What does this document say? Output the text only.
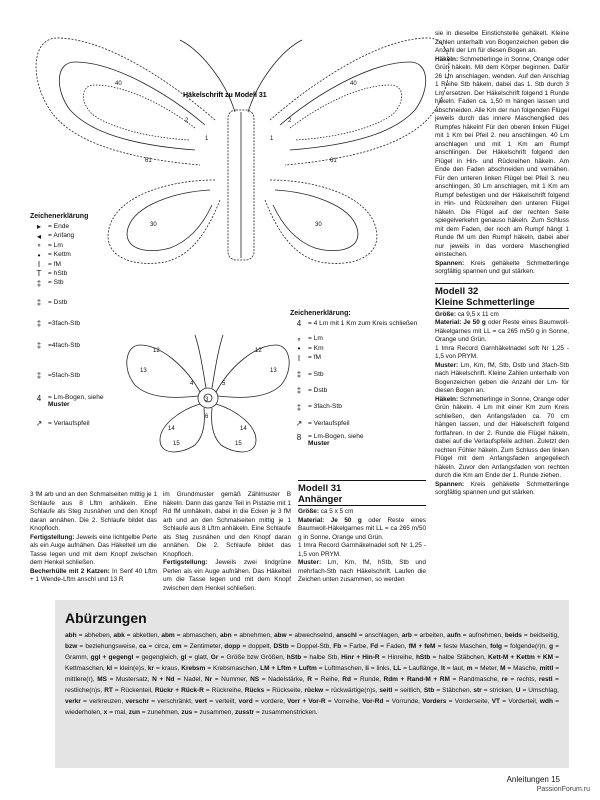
Häkelschrift zu Modell 31
40	40
61	61
30	30
1	1
2	2
12	12
13	13
14	14
15	15
3
4	5
6
Zeichenerklärung
▸	= Ende
◂	= Anfang
∘ = Lm
•	= Kettm
I	= fM
T = hStb
‡	= Stb
‡	= Dstb
‡	=3fach-Stb
‡	=4fach-Stb
‡	=5fach-Stb
4	= Lm-Bogen, siehe Muster
↗ = Verlaufspfeil
Zeichenerklärung:
4	= 4 Lm mit 1 Km zum Kreis schließen
∘ = Lm
•	= Km
I	= fM
‡	= Stb
‡	= Dstb
‡	= 3fach-Stb
↗ = Verlaufspfeil
8	= Lm-Bogen, siehe
Muster

3 fM arb und an den Schmalseiten mittig je 1 Schlaufe aus 8 Lftm anhäkeln. Eine Schlaufe als Steg zusnähen und den Knopf daran annähen. Die 2. Schlaufe bildet das Knopfloch.

Fertigstellung: Jeweils eine lichtgelbe Perle als ein Auge aufnähen. Das Häkelteil um die Tasse legen und mit dem Knopf zwischen dem Henkel schließen.

Becherhülle mit 2 Katzen: In Senf 40 Lftm + 1 Wende-Lftm anschl und 13 R

im Grundmuster gemäß Zählmuster B häkeln. Dann das ganze Teil in Pistazie mit 1 Rd fM umhäkeln, dabei in die Ecken je 3 fM arb und an den Schmalseiten mittig je 1 Schlaufe aus 8 Lftm anhäkeln. Eine Schlaufe als Steg zusnähen und den Knopf daran annähen. Die 2. Schlaufe bildet das Knopfloch.

Fertigstellung: Jeweils zwei lindgrüne Perlen als ein Auge aufnähen. Das Häkelteil um die Tasse legen und mit dem Knopf zwischen dem Henkel schließen.

Modell 31
Anhänger

Größe: ca 5 x 5 cm

Material: Je 50 g oder Reste eines Baumwoll-Häkelgarnes mit LL = ca 265 m/50 g in Sonne, Orange und Grün.

1 Imra Record Garnhäkelnadel soft Nr 1,25 - 1,5 von PRYM.

Muster: Lm, Km, fM, hStb, Stb und mehrfach-Stb nach Häkelschrift. Laufen die Zeichen unten zusammen, so werden

sie in dieselbe Einstichstelle gehäkelt. Kleine Zahlen unterhalb von Bogenzeichen geben die Anzahl der Lm für diesen Bogen an.

Häkeln: Schmetterlinge in Sonne, Orange oder Grün häkeln. Mit dem Körper beginnen. Dafür 26 Lm anschlagen, wenden. Auf den Anschlag 1 Reihe Stb häkeln, dabei das 1. Stb durch 3 Lm ersetzen. Der Häkelschrift folgend 1 Runde häkeln. Faden ca. 1,50 m hängen lassen und abschneiden. Alle Km der nun folgenden Flügel jeweils durch das innere Maschenglied des Rumpfes häkeln! Für den oberen linken Flügel mit 1 Km bei Pfeil 2. neu anschlingen. 40 Lm anschlagen und mit 1 Km am Rumpf anschlingen. Der Häkelschrift folgend den Flügel in Hin- und Rückreihen häkeln. Am Ende den Faden abschneiden und vernähen. Für den unteren linken Flügel bei Pfeil 3. neu anschlingen, 30 Lm anschlagen, mit 1 Km am Rumpf befestigen und der Häkelschrift folgend in Hin- und Rückreihen den unteren Flügel häkeln. Die Flügel auf der rechten Seite spiegelverkehrt genauso häkeln. Zum Schluss mit dem Faden, der noch am Rumpf hängt 1 Runde fM um den Rumpf häkeln, dabei aber nur jeweils in das vordere Maschenglied einstechen.

Spannen: Kreis gehäkelte Schmetterlinge sorgfältig spannen und gut stärken.

Modell 32
Kleine Schmetterlinge

Größe: ca 9,5 x 11 cm

Material: Je 50 g oder Reste eines Baumwoll-Häkelgarnes mit LL = ca 265 m/50 g in Sonne, Orange und Grün.

1 Imra Record Garnhäkelnadel soft Nr 1,25 - 1,5 von PRYM.

Muster: Lm, Km, fM, Stb, Dstb und 3fach-Stb nach Häkelschrift. Kleine Zahlen unterhalb von Bogenzeichen geben die Anzahl der Lm- für diesen Bogen an.

Häkeln: Schmetterlinge in Sonne, Orange oder Grün häkeln. 4 Lm mit einer Km zum Kreis schließen, den Anfangsfaden ca. 70 cm hängen lassen, und der Häkelschrift folgend fortfahren. In der 2. Runde die Flügel häkeln, dabei auf die Verlaufspfeile achten. Zuletzt den rechten Fühler häkeln. Zum Schluss den linken Flügel mit dem Anfangsfaden angegeliech häkeln. Zuvor den Anfangsfaden von rechten durch die Km am Ende der 1. Runde ziehen.

Spannen: Kreis gehäkelte Schmetterlinge sorgfältig spannen und gut stärken.

Abürzungen
abh = abheben, abk = abketten, abm = abmaschen, abn = abnehmen, abw = abwechselnd, anschl = anschlagen, arb = arbeiten, aufn = aufnehmen, beids = beidseitig, bzw = beziehungsweise, ca = circa, cm = Zentimeter, dopp = doppelt, DStb = Doppel-Stb, Fb = Farbe, Fd = Faden, fM + feM = feste Maschen, folg = folgende(r)n, g = Gramm, ggl + gegengl = gegengleich, gl = glatt, Gr = Größe bzw Größen, hStb = halbe Stb, Hinr + Hin-R = Hinreihe, hStb = halbe Stäbchen, Kett-M + Kettm + KM = Kettmaschen, kl = klein(e)s, kr = kraus, Krebsm = Krebsmaschen, LM + Lftm + Luftm = Luftmaschen, li = links, LL = Lauflänge, lt = laut, m = Meter, M = Masche, mittl = mittlere(r), MS = Mustersatz, N + Nd = Nadel, Nr = Nummer, NS = Nadelstärke, R = Reihe, Rd = Runde, Rdm + Rand-M + RM = Randmasche, re = rechts, restl = restliche(n)s, RT = Rückenteil, Rückr + Rück-R = Rückreihe, Rücks = Rückseite, rückw = rückwärtige(n)s, seitl = seitlich, Stb = Stäbchen, str = stricken, U = Umschlag, verkr = verkreuzen, verschr = verschränkt, vert = verteilt, vord = vordere, Vorr + Vor-R = Vorreihe, Vor-Rd = Vorrunde, Vorders = Vorderseite, VT = Vorderteil, wdh = wiederholen, x = mal, zun = zunehmen, zus = zusammen, zusstr = zusammenstricken.
Anleitungen 15
PassionForum.ru
